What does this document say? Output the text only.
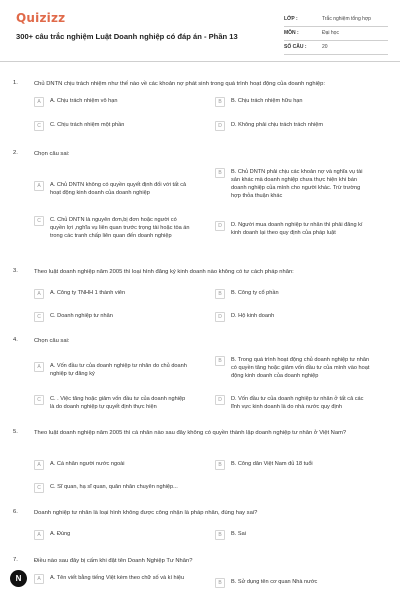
Quizizz
300+ câu trắc nghiệm Luật Doanh nghiệp có đáp án - Phần 13
LỚP :	Trắc nghiệm tổng hợp
MÔN :	Đại học
SỐ CÂU :	20
1.	Chủ DNTN chịu trách nhiệm như thế nào về các khoản nợ phát sinh trong quá trình hoạt động của doanh nghiệp:
A	A. Chịu trách nhiệm vô hạn	B	B. Chịu trách nhiệm hữu hạn
C	C. Chịu trách nhiệm một phần	D	D. Không phải chịu trách trách nhiệm
2.	Chọn câu sai:
A	A. Chủ DNTN không có quyền quyết định đối với tất cả hoạt động kinh doanh của doanh nghiệp
B	B. Chủ DNTN phải chịu các khoản nợ và nghĩa vụ tài sản khác mà doanh nghiệp chưa thực hiện khi bán doanh nghiệp của mình cho người khác. Trừ trường hợp thỏa thuận khác
C	C. Chủ DNTN là nguyên đơn,bị đơn hoặc người có quyền lợi ,nghĩa vụ liên quan trước trọng tài hoặc tòa án trong các tranh chấp liên quan đến doanh nghiệp
D	D. Người mua doanh nghiệp tư nhân thì phải đăng kí kinh doanh lại theo quy định của pháp luật
3.	Theo luật doanh nghiệp năm 2005 thì loại hình đăng ký kinh doanh nào không có tư cách pháp nhân:
A	A. Công ty TNHH 1 thành viên	B	B. Công ty cổ phần
C	C. Doanh nghiệp tư nhân	D	D. Hộ kinh doanh
4.	Chọn câu sai:
A	A. Vốn đầu tư của doanh nghiệp tư nhân do chủ doanh nghiệp tự đăng ký
B	B. Trong quá trình hoạt động chủ doanh nghiệp tư nhân có quyền tăng hoặc giảm vốn đầu tư của mình vào hoạt động kinh doanh của doanh nghiệp
C	C. . Việc tăng hoặc giảm vốn đầu tư của doanh nghiệp là do doanh nghiệp tự quyết định thực hiện
D	D. Vốn đầu tư của doanh nghiệp tư nhân ở tất cả các lĩnh vực kinh doanh là do nhà nước quy định
5.	Theo luật doanh nghiệp năm 2005 thì cá nhân nào sau đây không có quyền thành lập doanh nghiệp tư nhân ở Việt Nam?
A	A. Cá nhân người nước ngoài	B	B. Công dân Việt Nam đủ 18 tuổi
C	C. Sĩ quan, hạ sĩ quan, quân nhân chuyên nghiệp...
6.	Doanh nghiệp tư nhân là loại hình không được công nhận là pháp nhân, đúng hay sai?
A	A. Đúng	B	B. Sai
7.	Điều nào sau đây bị cấm khi đặt tên Doanh Nghiệp Tư Nhân?
A	A. Tên viết bằng tiếng Việt kèm theo chữ số và kí hiệu
B	B. Sử dụng tên cơ quan Nhà nước
N
